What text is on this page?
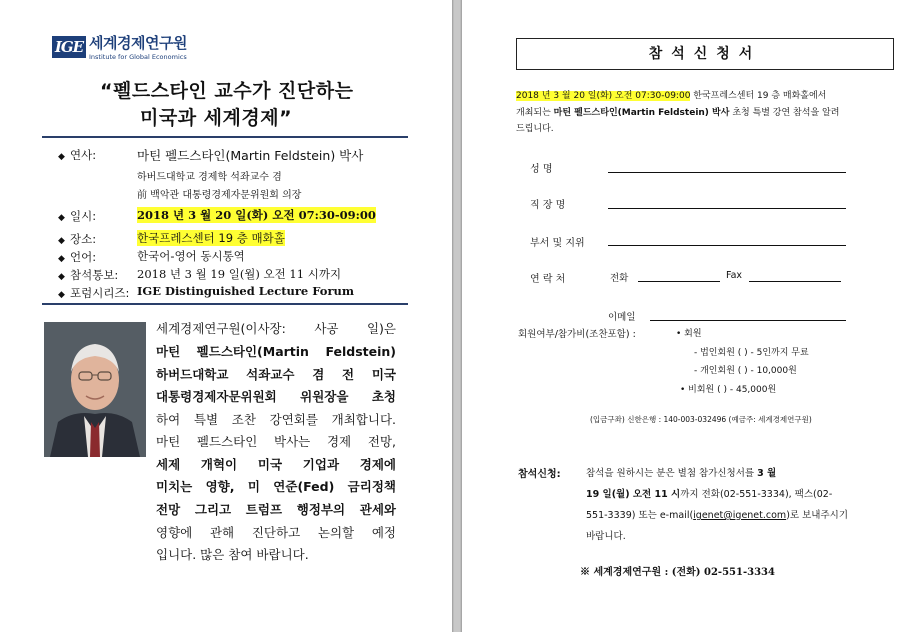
IGE 세계경제연구원
Institute for Global Economics
“펠드스타인 교수가 진단하는
미국과 세계경제”
◆ 연사:	마틴 펠드스타인(Martin Feldstein) 박사
하버드대학교 경제학 석좌교수 겸
前 백악관 대통령경제자문위원회 의장
◆ 일시:	2018 년 3 월 20 일(화) 오전 07:30-09:00
◆ 장소:	한국프레스센터 19 층 매화홀
◆ 언어:	한국어-영어 동시통역
◆ 참석통보: 2018 년 3 월 19 일(월) 오전 11 시까지
◆ 포럼시리즈: IGE Distinguished Lecture Forum
세계경제연구원(이사장: 사공 일)은
마틴 펠드스타인(Martin Feldstein)
하버드대학교 석좌교수 겸 전 미국
대통령경제자문위원회 위원장을 초청
하여 특별 조찬 강연회를 개최합니다.
마틴 펠드스타인 박사는 경제 전망,
세제 개혁이 미국 기업과 경제에
미치는 영향, 미 연준(Fed) 금리정책
전망 그리고 트럼프 행정부의 관세와
영향에 관해 진단하고 논의할 예정
입니다. 많은 참여 바랍니다.
참석신청서
2018 년 3 월 20 일(화) 오전 07:30-09:00 한국프레스센터 19 층 매화홀에서
개최되는 마틴 펠드스타인(Martin Feldstein) 박사 초청 특별 강연 참석을 알려
드립니다.
성 명
직 장 명
부서 및 지위
연 락 처	전화	Fax
이메일
회원여부/참가비(조찬포함) :	• 회원
- 법인회원 ( ) - 5인까지 무료
- 개인회원 ( ) - 10,000원
• 비회원 ( ) - 45,000원
(입금구좌) 신한은행 : 140-003-032496 (예금주: 세계경제연구원)
참석신청:	참석을 원하시는 분은 별첨 참가신청서를 3 월
19 일(월) 오전 11 시까지 전화(02-551-3334), 팩스(02-
551-3339) 또는 e-mail(igenet@igenet.com)로 보내주시기
바랍니다.
※ 세계경제연구원 : (전화) 02-551-3334
